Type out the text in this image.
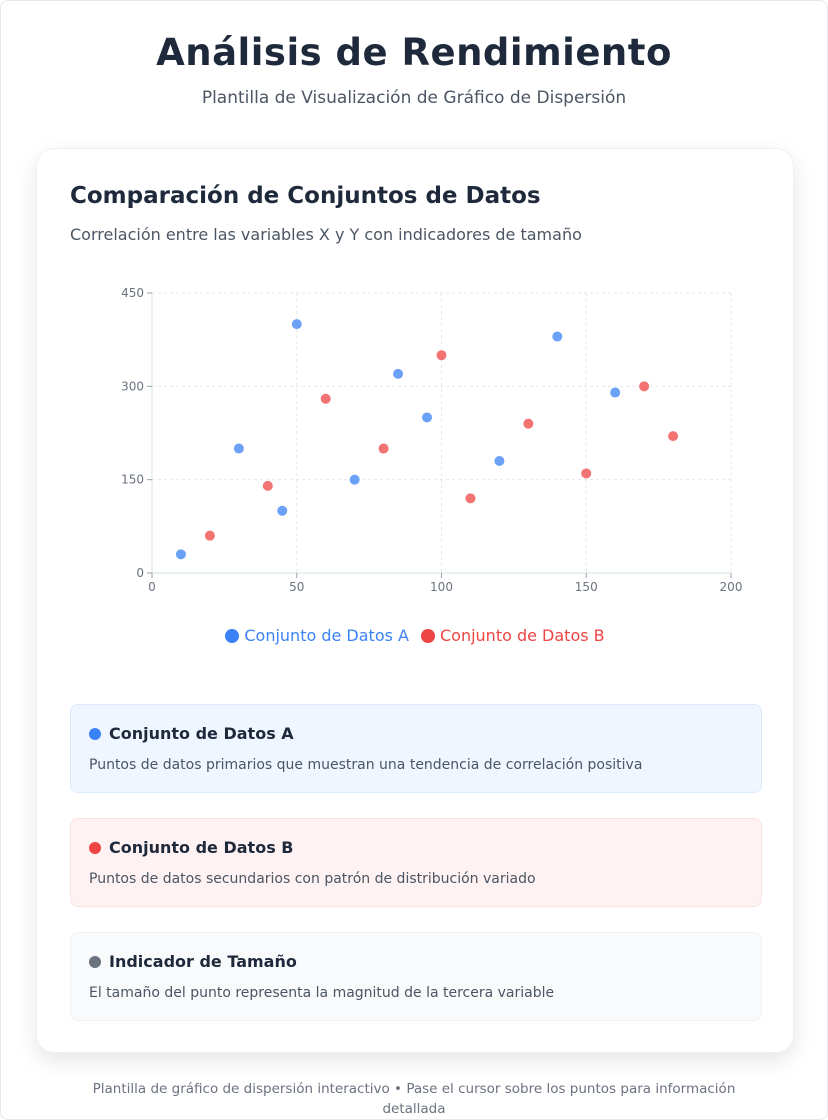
Análisis de Rendimiento
Plantilla de Visualización de Gráfico de Dispersión
Comparación de Conjuntos de Datos
Correlación entre las variables X y Y con indicadores de tamaño
0	50	100	150	200
0
150
300
450
Conjunto de Datos A Conjunto de Datos B
Conjunto de Datos A
Puntos de datos primarios que muestran una tendencia de correlación positiva
Conjunto de Datos B
Puntos de datos secundarios con patrón de distribución variado
Indicador de Tamaño
El tamaño del punto representa la magnitud de la tercera variable
Plantilla de gráfico de dispersión interactivo • Pase el cursor sobre los puntos para información
detallada
